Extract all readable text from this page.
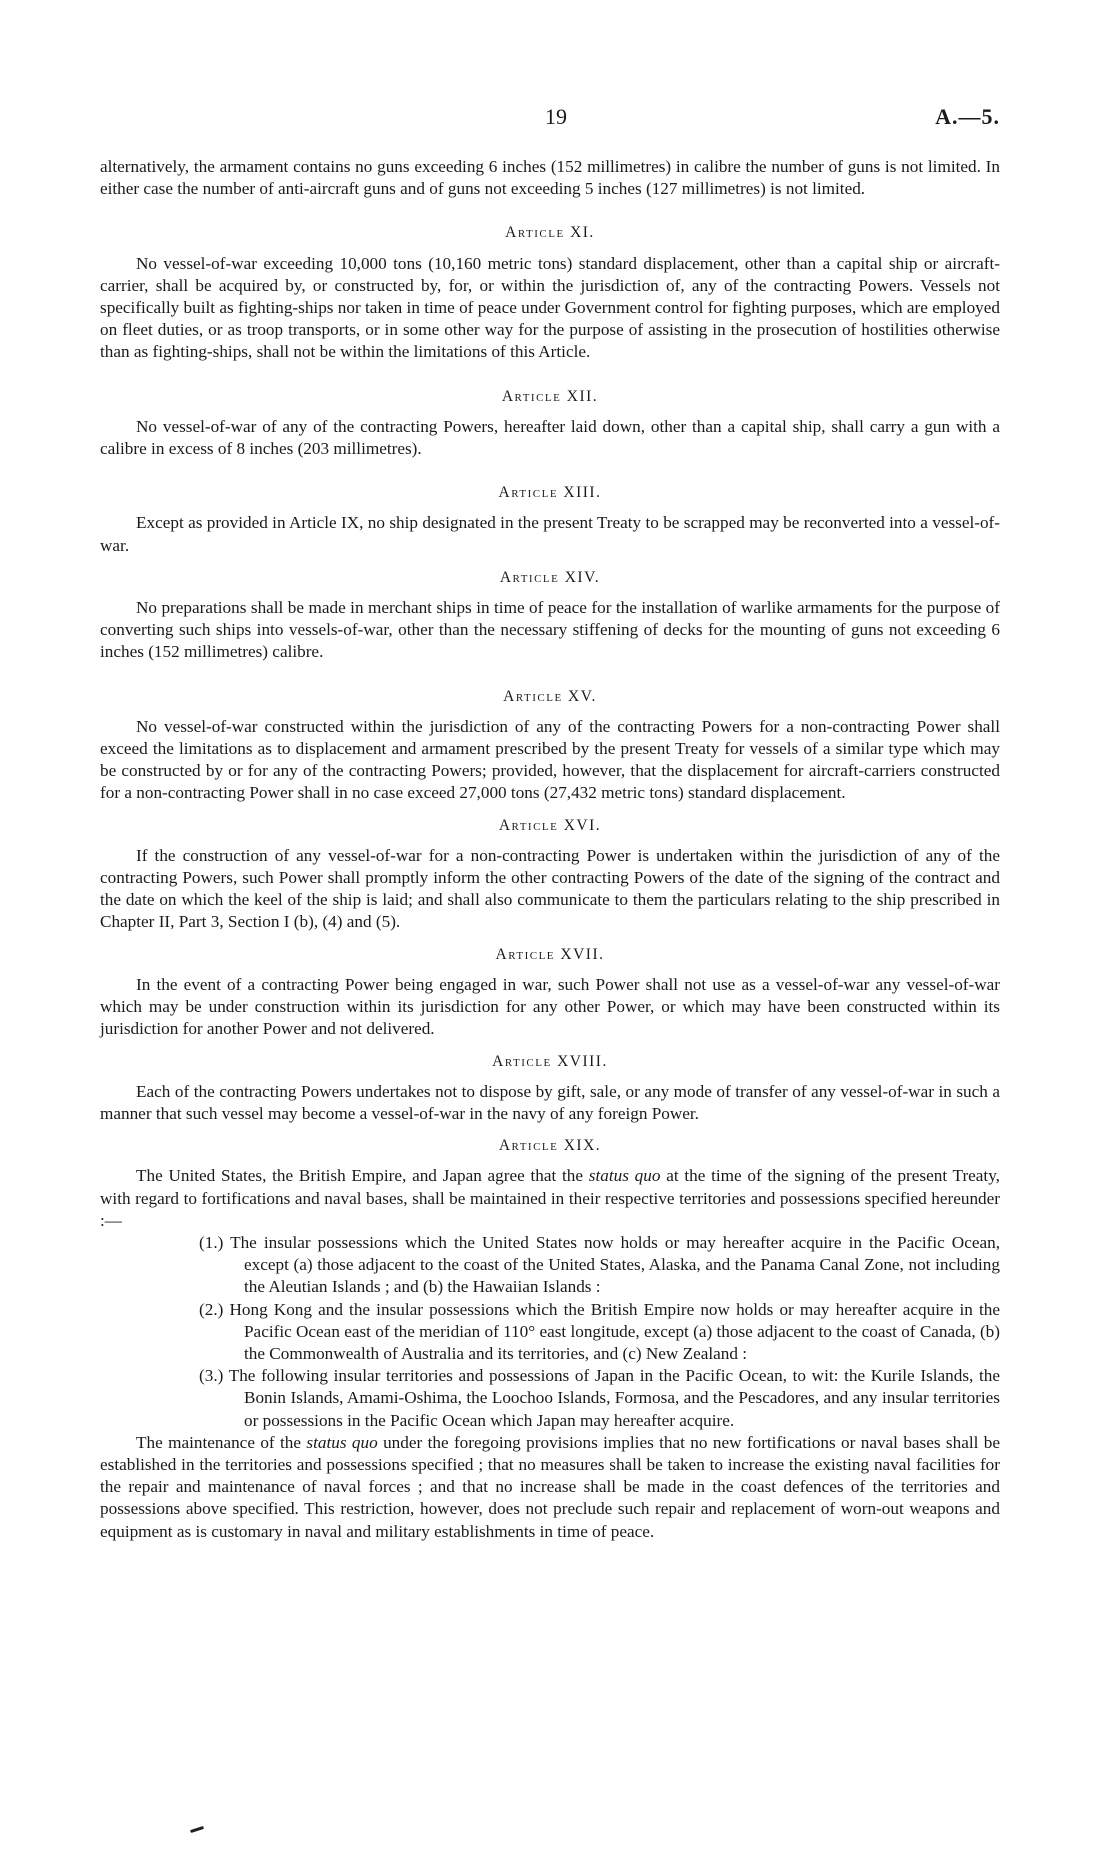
19	A.—5.

alternatively, the armament contains no guns exceeding 6 inches (152 millimetres) in calibre the number of guns is not limited. In either case the number of anti-aircraft guns and of guns not exceeding 5 inches (127 millimetres) is not limited.

Article XI.

No vessel-of-war exceeding 10,000 tons (10,160 metric tons) standard displacement, other than a capital ship or aircraft-carrier, shall be acquired by, or constructed by, for, or within the jurisdiction of, any of the contracting Powers. Vessels not specifically built as fighting-ships nor taken in time of peace under Government control for fighting purposes, which are employed on fleet duties, or as troop transports, or in some other way for the purpose of assisting in the prosecution of hostilities otherwise than as fighting-ships, shall not be within the limitations of this Article.

Article XII.

No vessel-of-war of any of the contracting Powers, hereafter laid down, other than a capital ship, shall carry a gun with a calibre in excess of 8 inches (203 millimetres).

Article XIII.

Except as provided in Article IX, no ship designated in the present Treaty to be scrapped may be reconverted into a vessel-of-war.

Article XIV.

No preparations shall be made in merchant ships in time of peace for the installation of warlike armaments for the purpose of converting such ships into vessels-of-war, other than the necessary stiffening of decks for the mounting of guns not exceeding 6 inches (152 millimetres) calibre.

Article XV.

No vessel-of-war constructed within the jurisdiction of any of the contracting Powers for a non-contracting Power shall exceed the limitations as to displacement and armament prescribed by the present Treaty for vessels of a similar type which may be constructed by or for any of the contracting Powers; provided, however, that the displacement for aircraft-carriers constructed for a non-contracting Power shall in no case exceed 27,000 tons (27,432 metric tons) standard displacement.

Article XVI.

If the construction of any vessel-of-war for a non-contracting Power is undertaken within the jurisdiction of any of the contracting Powers, such Power shall promptly inform the other contracting Powers of the date of the signing of the contract and the date on which the keel of the ship is laid; and shall also communicate to them the particulars relating to the ship prescribed in Chapter II, Part 3, Section I (b), (4) and (5).

Article XVII.

In the event of a contracting Power being engaged in war, such Power shall not use as a vessel-of-war any vessel-of-war which may be under construction within its jurisdiction for any other Power, or which may have been constructed within its jurisdiction for another Power and not delivered.

Article XVIII.

Each of the contracting Powers undertakes not to dispose by gift, sale, or any mode of transfer of any vessel-of-war in such a manner that such vessel may become a vessel-of-war in the navy of any foreign Power.

Article XIX.

The United States, the British Empire, and Japan agree that the status quo at the time of the signing of the present Treaty, with regard to fortifications and naval bases, shall be maintained in their respective territories and possessions specified hereunder :—

(1.) The insular possessions which the United States now holds or may hereafter acquire in the Pacific Ocean, except (a) those adjacent to the coast of the United States, Alaska, and the Panama Canal Zone, not including the Aleutian Islands ; and (b) the Hawaiian Islands :
(2.) Hong Kong and the insular possessions which the British Empire now holds or may hereafter acquire in the Pacific Ocean east of the meridian of 110° east longitude, except (a) those adjacent to the coast of Canada, (b) the Commonwealth of Australia and its territories, and (c) New Zealand :
(3.) The following insular territories and possessions of Japan in the Pacific Ocean, to wit: the Kurile Islands, the Bonin Islands, Amami-Oshima, the Loochoo Islands, Formosa, and the Pescadores, and any insular territories or possessions in the Pacific Ocean which Japan may hereafter acquire.

The maintenance of the status quo under the foregoing provisions implies that no new fortifications or naval bases shall be established in the territories and possessions specified ; that no measures shall be taken to increase the existing naval facilities for the repair and maintenance of naval forces ; and that no increase shall be made in the coast defences of the territories and possessions above specified. This restriction, however, does not preclude such repair and replacement of worn-out weapons and equipment as is customary in naval and military establishments in time of peace.
